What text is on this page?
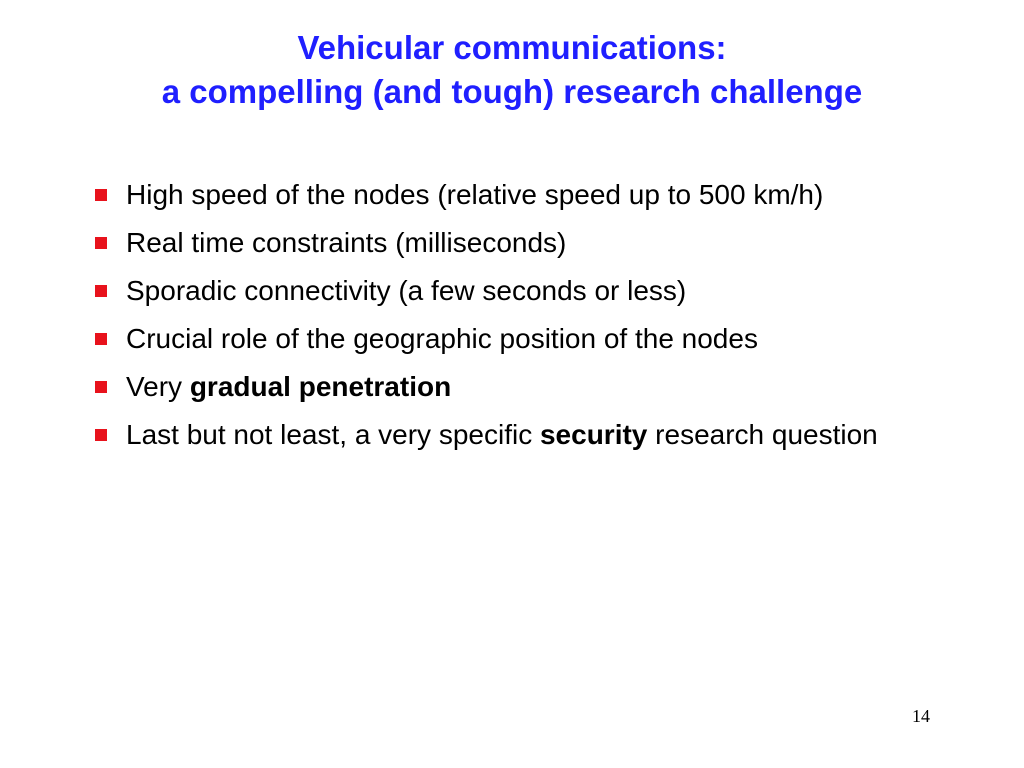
Vehicular communications:
a compelling (and tough) research challenge
High speed of the nodes (relative speed up to 500 km/h)
Real time constraints (milliseconds)
Sporadic connectivity (a few seconds or less)
Crucial role of the geographic position of the nodes
Very gradual penetration
Last but not least, a very specific security research question
14
